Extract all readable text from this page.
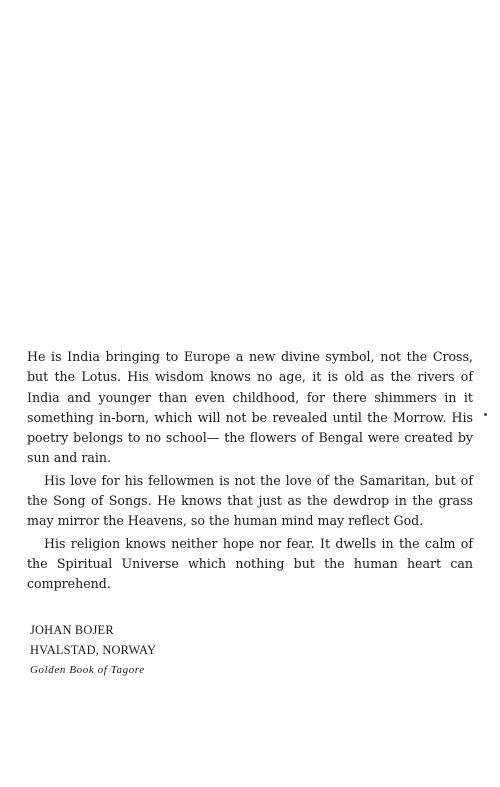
He is India bringing to Europe a new divine symbol, not the Cross, but the Lotus. His wisdom knows no age, it is old as the rivers of India and younger than even childhood, for there shimmers in it something in-born, which will not be revealed until the Morrow. His poetry belongs to no school— the flowers of Bengal were created by sun and rain.

His love for his fellowmen is not the love of the Samaritan, but of the Song of Songs. He knows that just as the dewdrop in the grass may mirror the Heavens, so the human mind may reflect God.

His religion knows neither hope nor fear. It dwells in the calm of the Spiritual Universe which nothing but the human heart can comprehend.

JOHAN BOJER
HVALSTAD, NORWAY
Golden Book of Tagore
